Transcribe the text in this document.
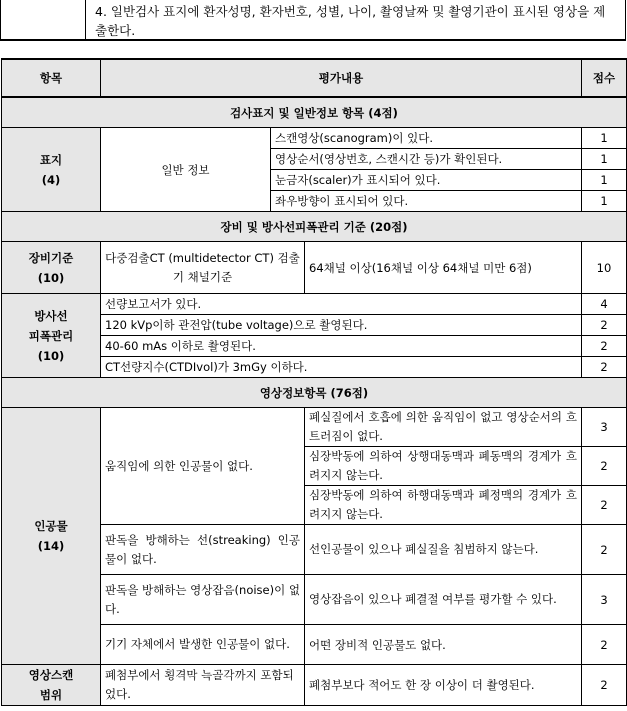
4. 일반검사 표지에 환자성명, 환자번호, 성별, 나이, 촬영날짜 및 촬영기관이 표시된 영상을 제출한다.
항목	평가내용			점수
검사표지 및 일반정보 항목 (4점)				
표지
(4)	일반 정보	스캔영상(scanogram)이 있다.		1
		영상순서(영상번호, 스캔시간 등)가 확인된다.		1
		눈금자(scaler)가 표시되어 있다.		1
		좌우방향이 표시되어 있다.		1
장비 및 방사선피폭관리 기준 (20점)				
장비기준
(10)	다중검출CT (multidetector CT) 검출기 채널기준		64채널 이상(16채널 이상 64채널 미만 6점)	10
방사선
피폭관리
(10)	선량보고서가 있다.			4
	120 kVp이하 관전압(tube voltage)으로 촬영된다.			2
	40-60 mAs 이하로 촬영된다.			2
	CT선량지수(CTDIvol)가 3mGy 이하다.			2
영상정보항목 (76점)				
인공물
(14)	움직임에 의한 인공물이 없다.		폐실질에서 호흡에 의한 움직임이 없고 영상순서의 흐트러짐이 없다.	3
			심장박동에 의하여 상행대동맥과 폐동맥의 경계가 흐려지지 않는다.	2
			심장박동에 의하여 하행대동맥과 폐정맥의 경계가 흐려지지 않는다.	2
	판독을 방해하는 선(streaking) 인공물이 없다.		선인공물이 있으나 폐실질을 침범하지 않는다.	2
	판독을 방해하는 영상잡음(noise)이 없다.		영상잡음이 있으나 폐결절 여부를 평가할 수 있다.	3
	기기 자체에서 발생한 인공물이 없다.		어떤 장비적 인공물도 없다.	2
영상스캔
범위	폐첨부에서 횡격막 늑골각까지 포함되었다.		폐첨부보다 적어도 한 장 이상이 더 촬영된다.	2
